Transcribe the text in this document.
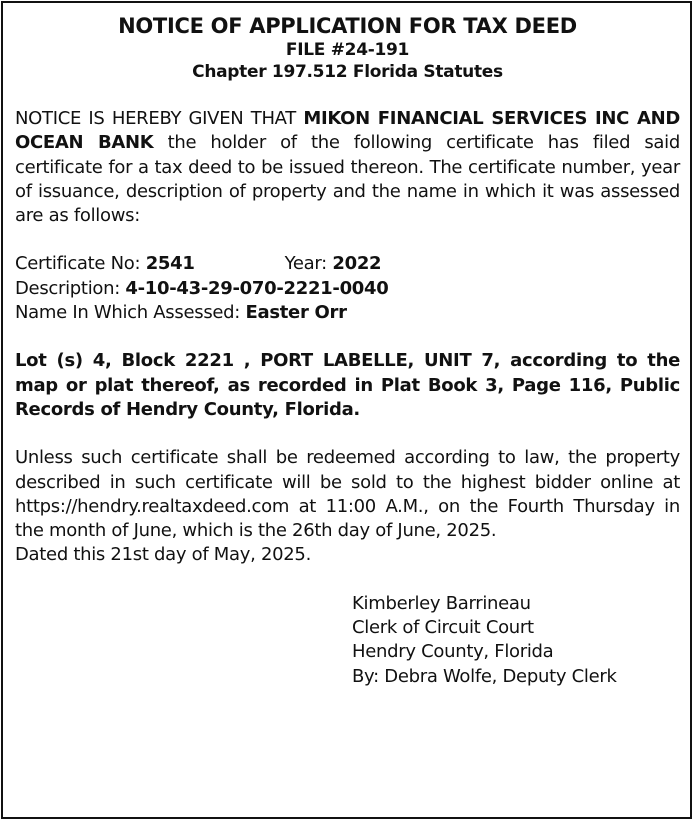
NOTICE OF APPLICATION FOR TAX DEED
FILE #24-191
Chapter 197.512 Florida Statutes

NOTICE IS HEREBY GIVEN THAT MIKON FINANCIAL SERVICES INC AND OCEAN BANK the holder of the following certificate has filed said certificate for a tax deed to be issued thereon. The certificate number, year of issuance, description of property and the name in which it was assessed are as follows:

Certificate No: 2541	Year: 2022
Description: 4-10-43-29-070-2221-0040
Name In Which Assessed: Easter Orr

Lot (s) 4, Block 2221 , PORT LABELLE, UNIT 7, according to the map or plat thereof, as recorded in Plat Book 3, Page 116, Public Records of Hendry County, Florida.

Unless such certificate shall be redeemed according to law, the property described in such certificate will be sold to the highest bidder online at https://hendry.realtaxdeed.com at 11:00 A.M., on the Fourth Thursday in the month of June, which is the 26th day of June, 2025.

Dated this 21st day of May, 2025.
Kimberley Barrineau
Clerk of Circuit Court
Hendry County, Florida
By: Debra Wolfe, Deputy Clerk
